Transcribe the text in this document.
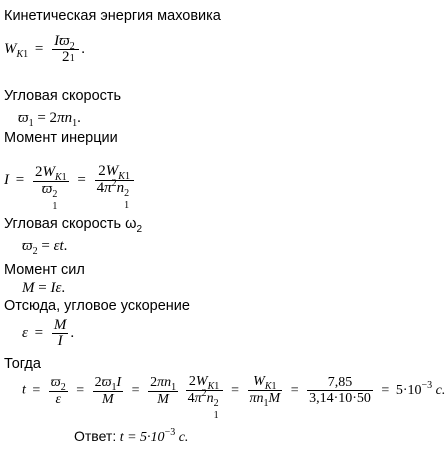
Кинетическая энергия маховика
$W_{K1} = Iϖ$ 2
1

2 .
Угловая скорость
$ϖ_1 = 2\pi n_1$.
Момент инерции
$I = 2W_{K1}$
ϖ 2
1
= $2W_{K1}$
$4\pi^2n$ 2
1

Угловая скорость $\omega_2$
$ϖ_2 = \varepsilon t$.
Момент сил
M = Iε.
Отсюда, угловое ускорение
$\varepsilon = \frac{M}{I}$ .
Тогда
$t = \frac{ϖ_2}{\varepsilon} = \frac{2ϖ_1I}{M} = \frac{2\pi n_1}{M}$
$2W_{K1}$
$4\pi^2n$ 2
1
= $\frac{W_{K1}}{\pi n_1M} = \frac{7,85}{3,14\cdot 10\cdot 50} = 5\cdot 10^{-3}$ с.
Ответ: $t = 5\cdot 10^{-3}$ с.
